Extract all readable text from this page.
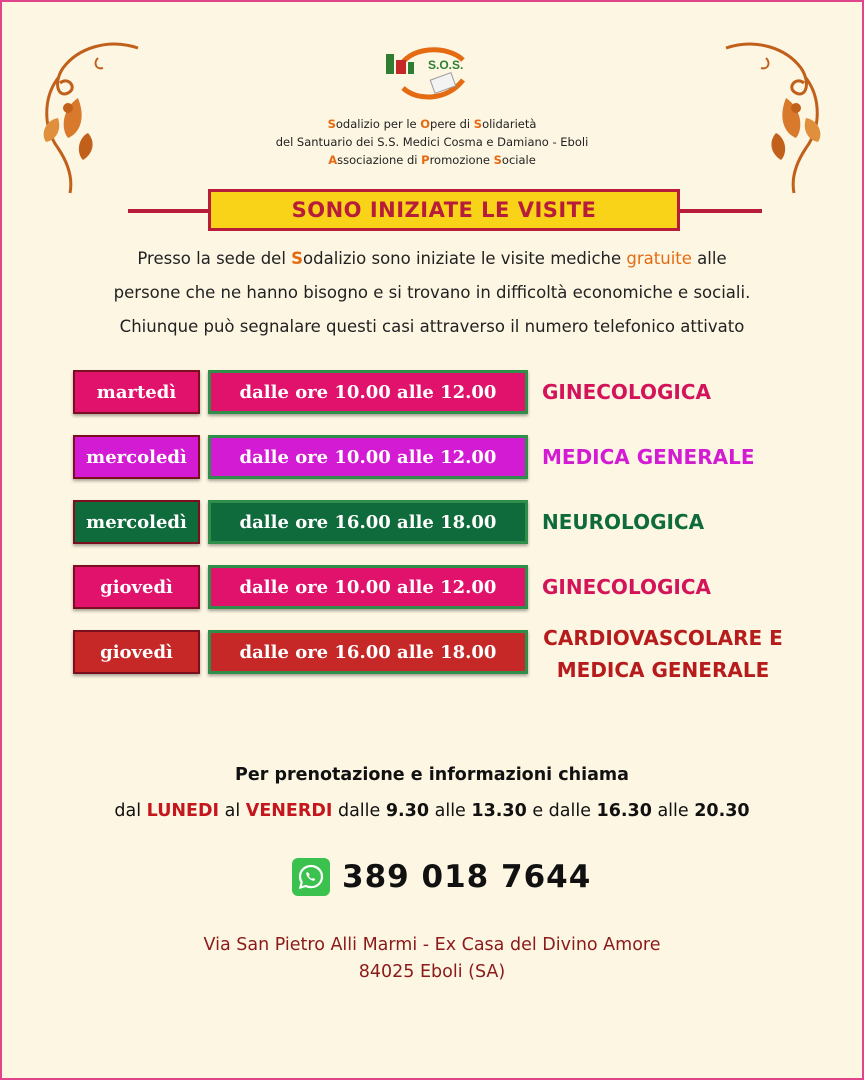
S.O.S.
Sodalizio per le Opere di Solidarietà
del Santuario dei S.S. Medici Cosma e Damiano - Eboli
Associazione di Promozione Sociale
SONO INIZIATE LE VISITE
Presso la sede del Sodalizio sono iniziate le visite mediche gratuite alle
persone che ne hanno bisogno e si trovano in difficoltà economiche e sociali.
Chiunque può segnalare questi casi attraverso il numero telefonico attivato
martedì	dalle ore 10.00 alle 12.00	GINECOLOGICA
mercoledì	dalle ore 10.00 alle 12.00	MEDICA GENERALE
mercoledì	dalle ore 16.00 alle 18.00	NEUROLOGICA
giovedì	dalle ore 10.00 alle 12.00	GINECOLOGICA
giovedì	dalle ore 16.00 alle 18.00
CARDIOVASCOLARE E
MEDICA GENERALE
Per prenotazione e informazioni chiama
dal LUNEDI al VENERDI dalle 9.30 alle 13.30 e dalle 16.30 alle 20.30
389 018 7644
Via San Pietro Alli Marmi - Ex Casa del Divino Amore
84025 Eboli (SA)
